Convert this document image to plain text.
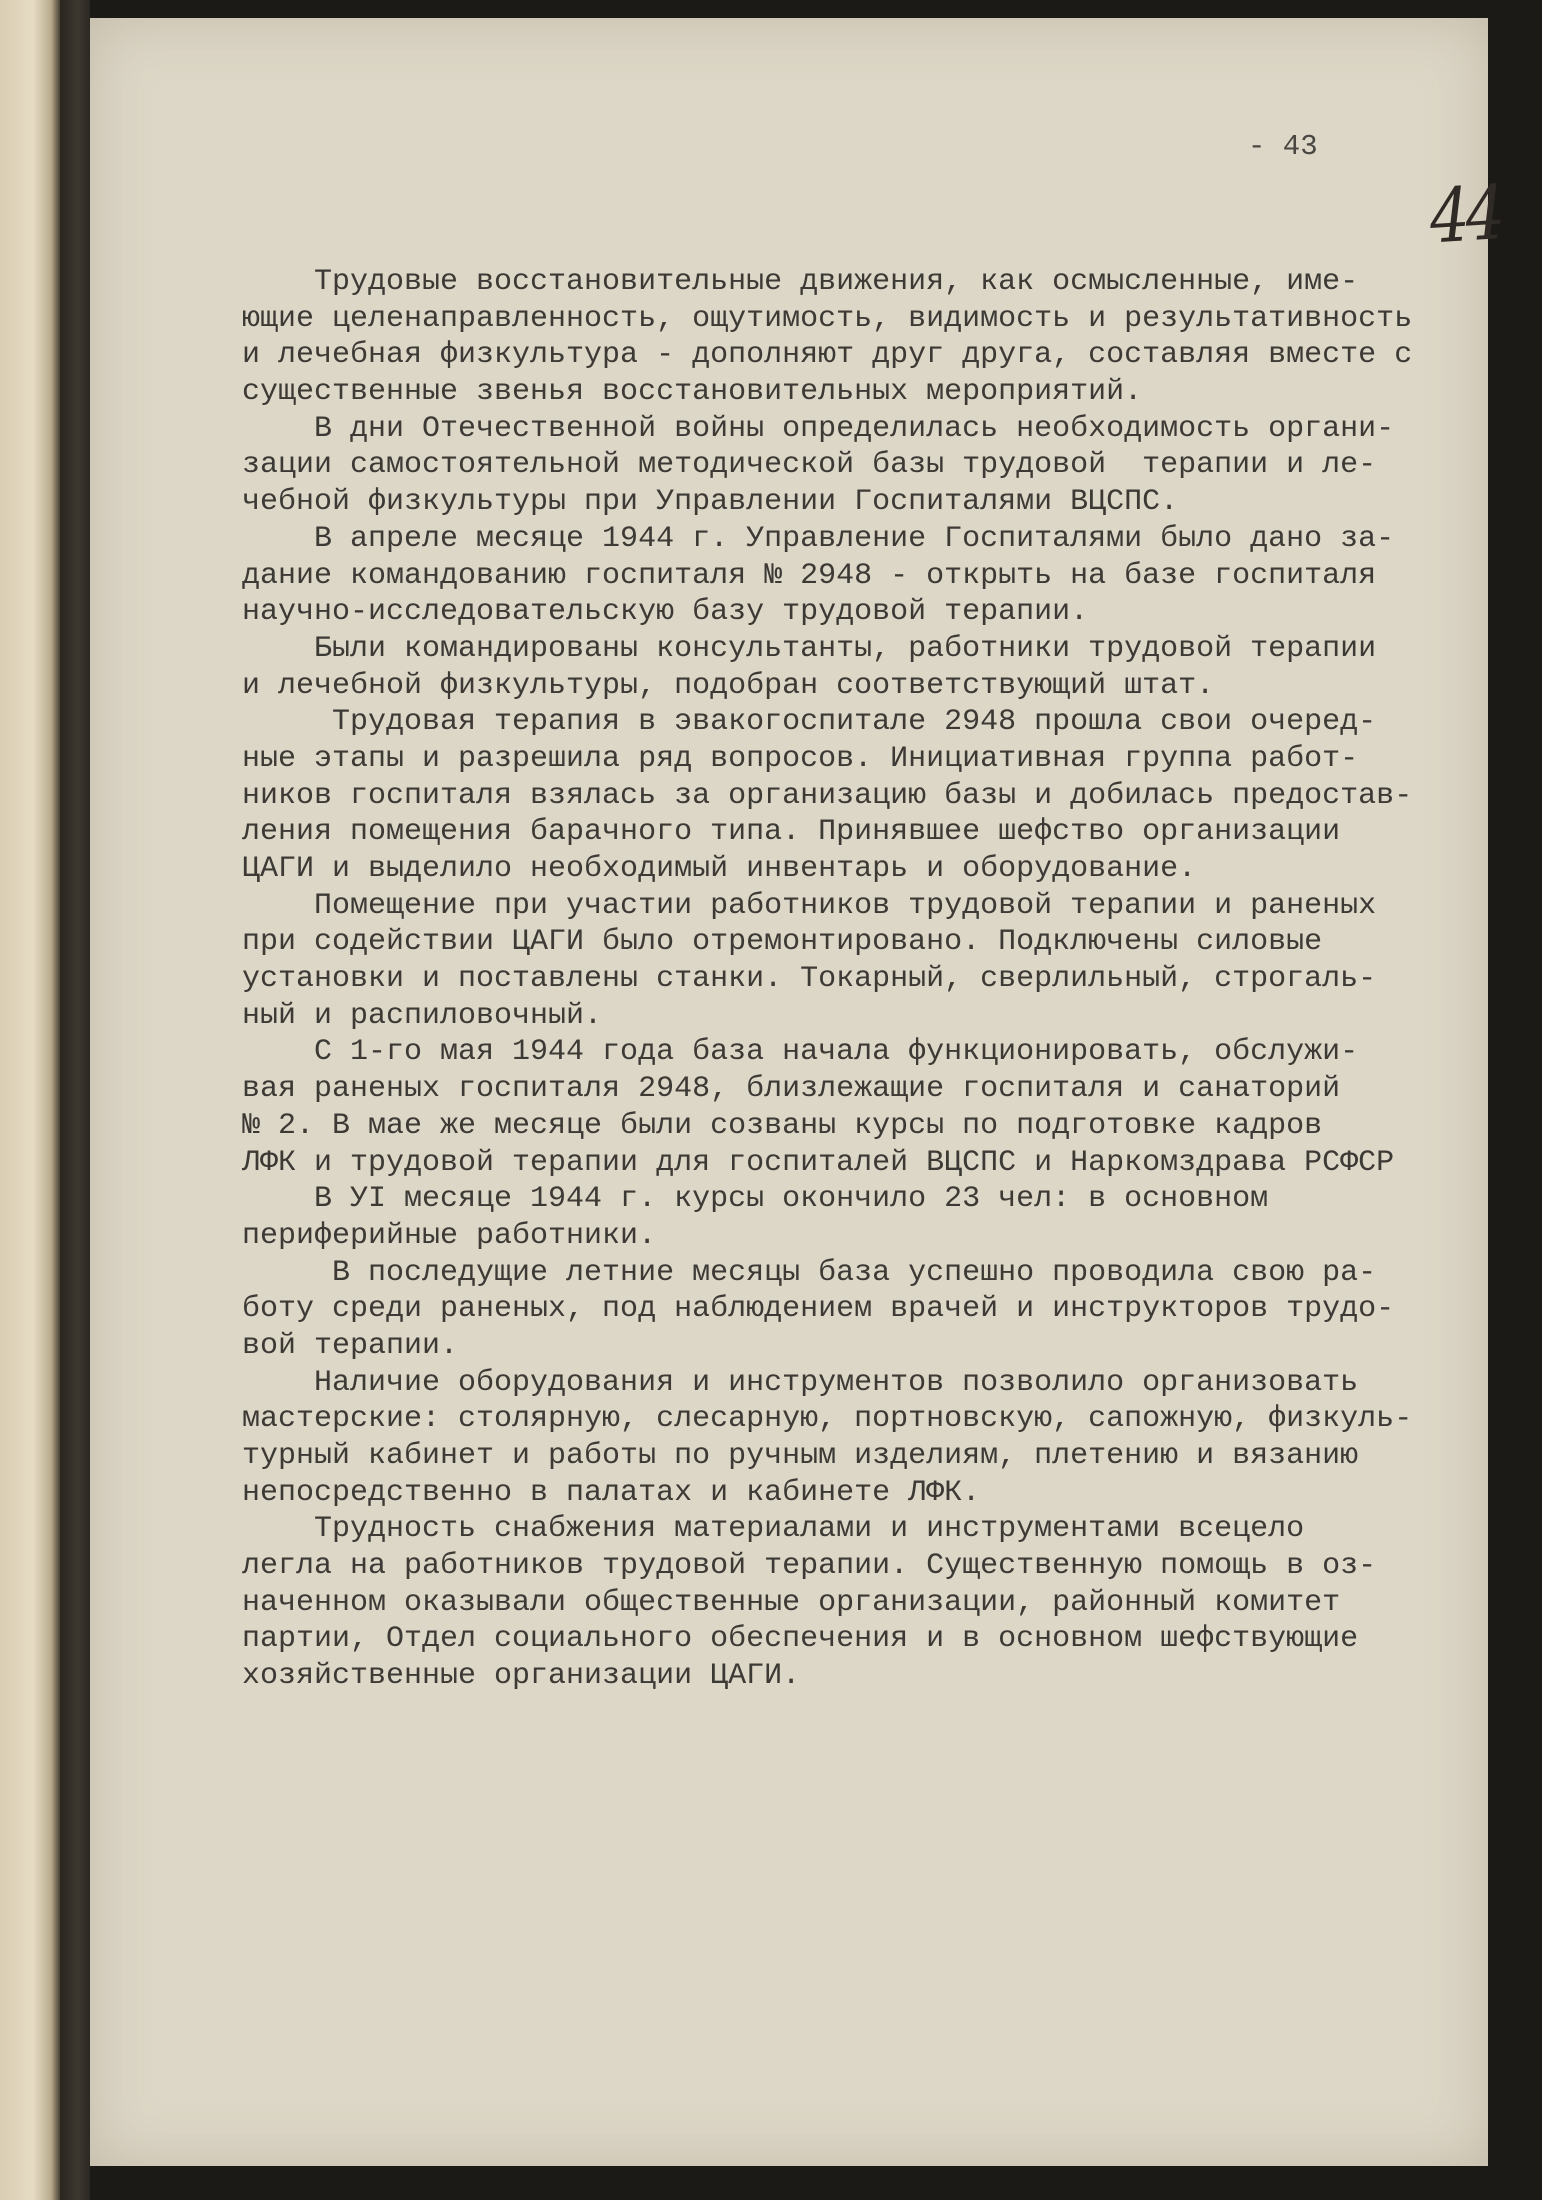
- 43
44
Трудовые восстановительные движения, как осмысленные, име-
ющие целенаправленность, ощутимость, видимость и результативность
и лечебная физкультура - дополняют друг друга, составляя вместе с
существенные звенья восстановительных мероприятий.
В дни Отечественной войны определилась необходимость органи-
зации самостоятельной методической базы трудовой  терапии и ле-
чебной физкультуры при Управлении Госпиталями ВЦСПС.
В апреле месяце 1944 г. Управление Госпиталями было дано за-
дание командованию госпиталя № 2948 - открыть на базе госпиталя
научно-исследовательскую базу трудовой терапии.
Были командированы консультанты, работники трудовой терапии
и лечебной физкультуры, подобран соответствующий штат.
Трудовая терапия в эвакогоспитале 2948 прошла свои очеред-
ные этапы и разрешила ряд вопросов. Инициативная группа работ-
ников госпиталя взялась за организацию базы и добилась предостав-
ления помещения барачного типа. Принявшее шефство организации
ЦАГИ и выделило необходимый инвентарь и оборудование.
Помещение при участии работников трудовой терапии и раненых
при содействии ЦАГИ было отремонтировано. Подключены силовые
установки и поставлены станки. Токарный, сверлильный, строгаль-
ный и распиловочный.
С 1-го мая 1944 года база начала функционировать, обслужи-
вая раненых госпиталя 2948, близлежащие госпиталя и санаторий
№ 2. В мае же месяце были созваны курсы по подготовке кадров
ЛФК и трудовой терапии для госпиталей ВЦСПС и Наркомздрава РСФСР
В УI месяце 1944 г. курсы окончило 23 чел: в основном
периферийные работники.
В последущие летние месяцы база успешно проводила свою ра-
боту среди раненых, под наблюдением врачей и инструкторов трудо-
вой терапии.
Наличие оборудования и инструментов позволило организовать
мастерские: столярную, слесарную, портновскую, сапожную, физкуль-
турный кабинет и работы по ручным изделиям, плетению и вязанию
непосредственно в палатах и кабинете ЛФК.
Трудность снабжения материалами и инструментами всецело
легла на работников трудовой терапии. Существенную помощь в оз-
наченном оказывали общественные организации, районный комитет
партии, Отдел социального обеспечения и в основном шефствующие
хозяйственные организации ЦАГИ.
